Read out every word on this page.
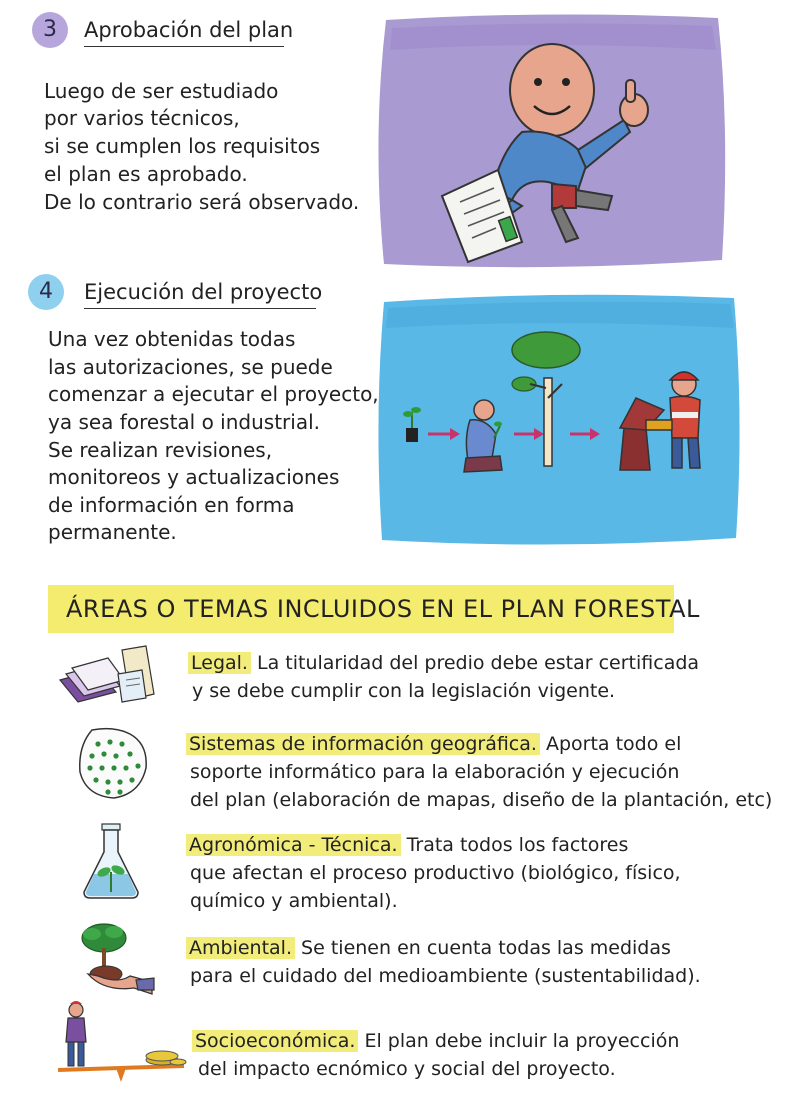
3	Aprobación del plan
Luego de ser estudiado
por varios técnicos,
si se cumplen los requisitos
el plan es aprobado.
De lo contrario será observado.
4	Ejecución del proyecto
Una vez obtenidas todas
las autorizaciones, se puede
comenzar a ejecutar el proyecto,
ya sea forestal o industrial.
Se realizan revisiones,
monitoreos y actualizaciones
de información en forma
permanente.
ÁREAS O TEMAS INCLUIDOS EN EL PLAN FORESTAL
Legal. La titularidad del predio debe estar certificada
y se debe cumplir con la legislación vigente.
Sistemas de información geográfica. Aporta todo el
soporte informático para la elaboración y ejecución
del plan (elaboración de mapas, diseño de la plantación, etc)
Agronómica - Técnica. Trata todos los factores
que afectan el proceso productivo (biológico, físico,
químico y ambiental).
Ambiental. Se tienen en cuenta todas las medidas
para el cuidado del medioambiente (sustentabilidad).
Socioeconómica. El plan debe incluir la proyección
del impacto ecnómico y social del proyecto.
